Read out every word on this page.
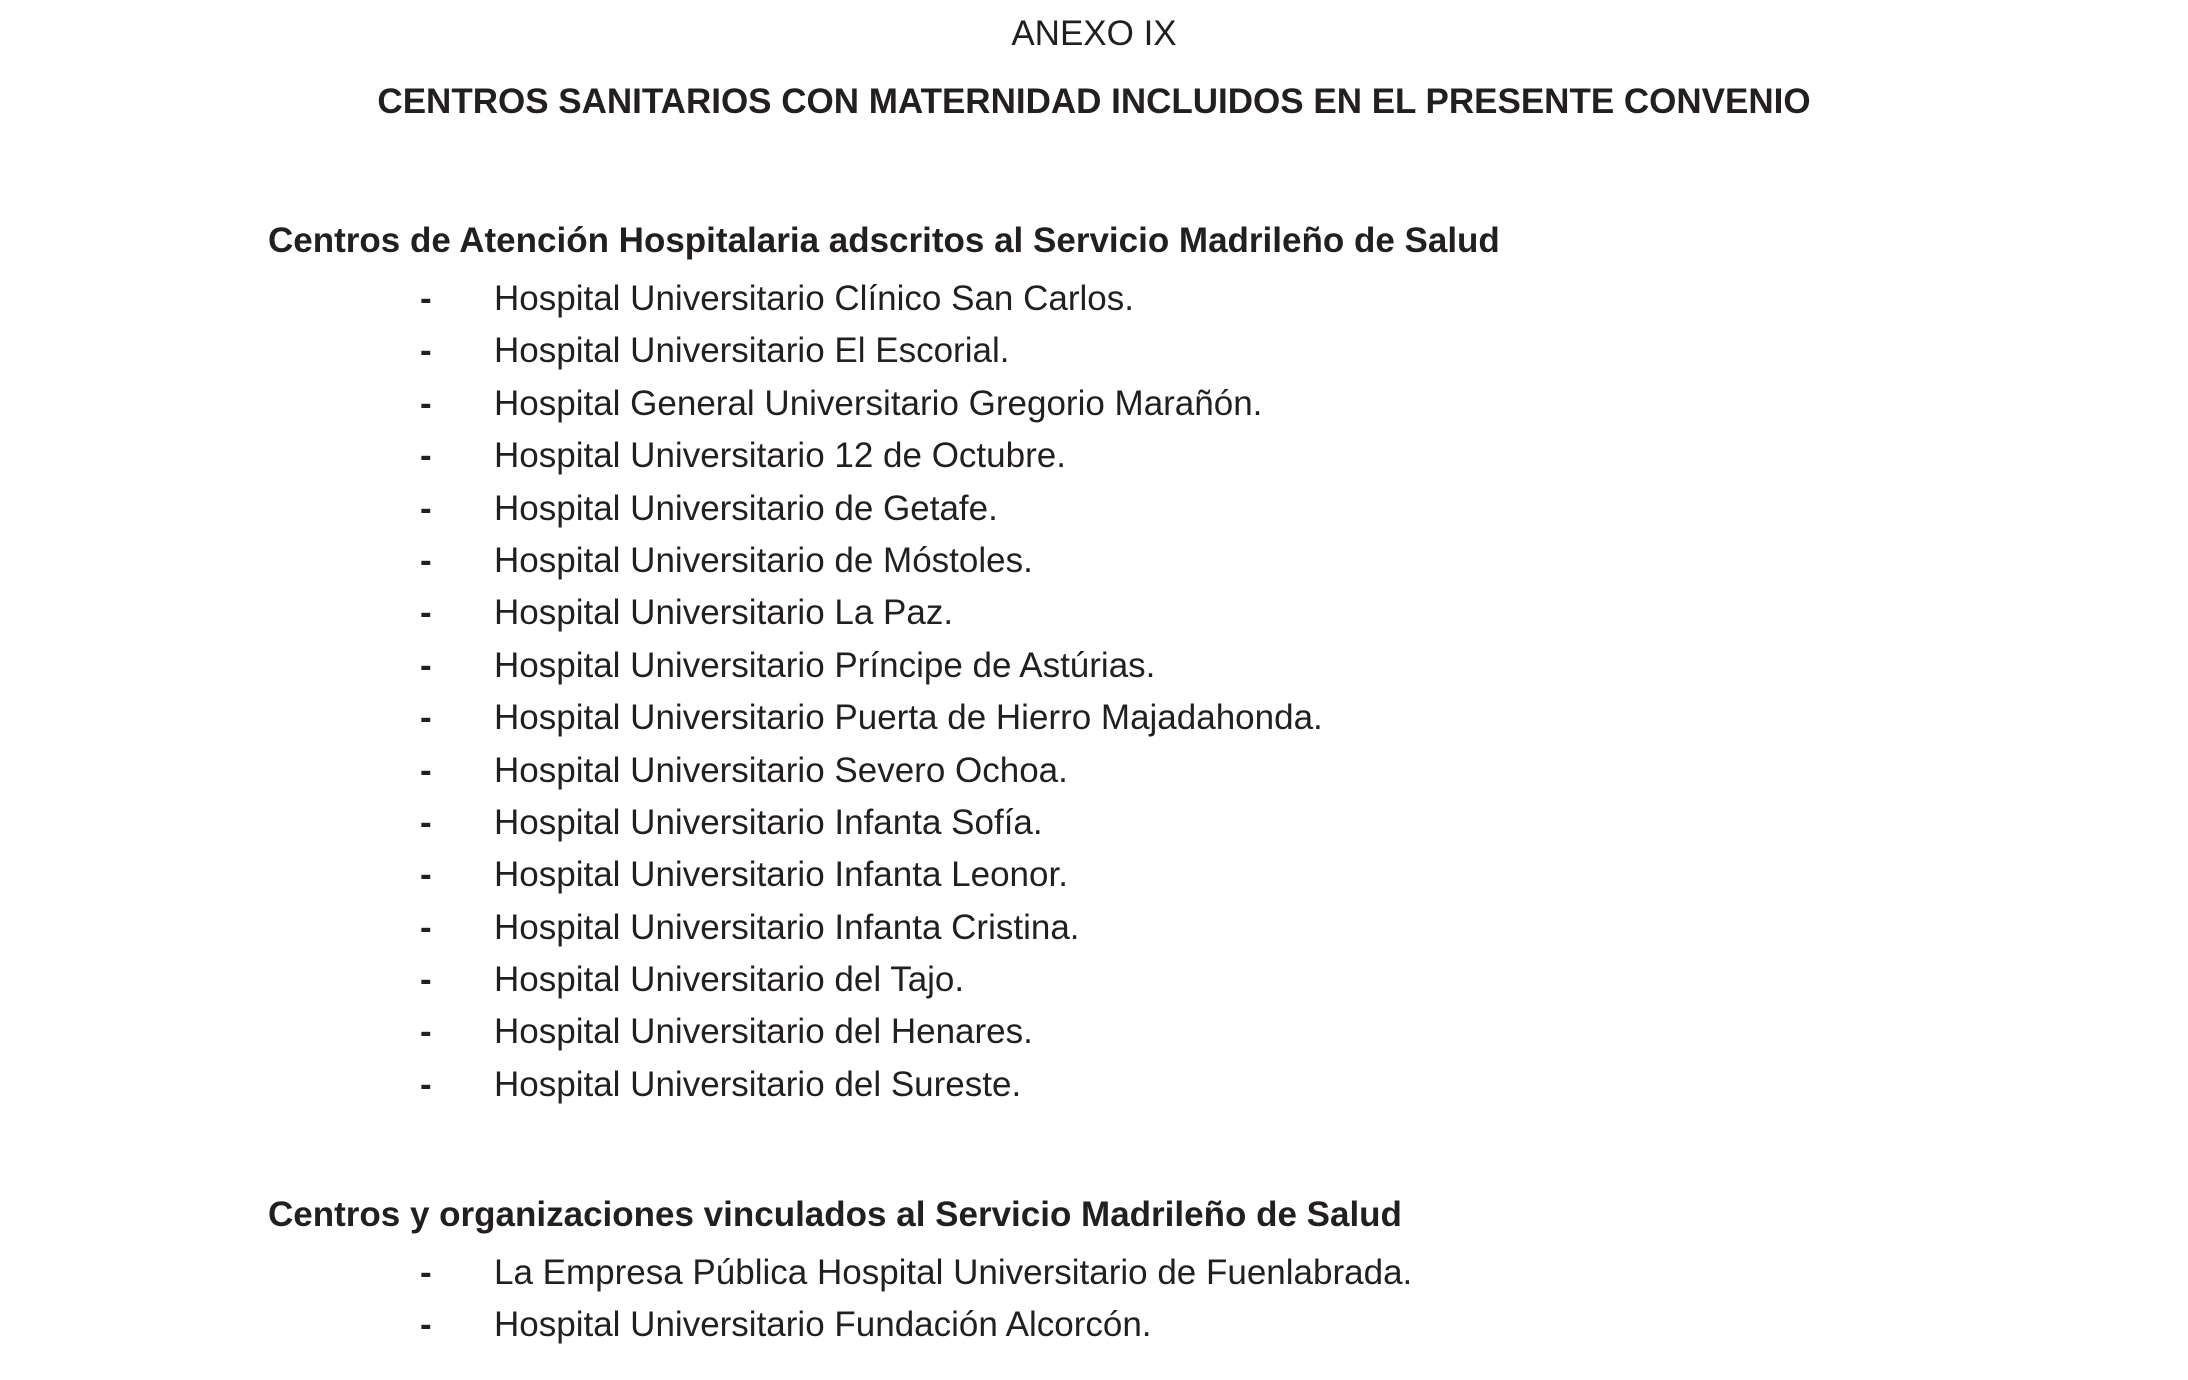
ANEXO IX
CENTROS SANITARIOS CON MATERNIDAD INCLUIDOS EN EL PRESENTE CONVENIO
Centros de Atención Hospitalaria adscritos al Servicio Madrileño de Salud
- Hospital Universitario Clínico San Carlos.
- Hospital Universitario El Escorial.
- Hospital General Universitario Gregorio Marañón.
- Hospital Universitario 12 de Octubre.
- Hospital Universitario de Getafe.
- Hospital Universitario de Móstoles.
- Hospital Universitario La Paz.
- Hospital Universitario Príncipe de Astúrias.
- Hospital Universitario Puerta de Hierro Majadahonda.
- Hospital Universitario Severo Ochoa.
- Hospital Universitario Infanta Sofía.
- Hospital Universitario Infanta Leonor.
- Hospital Universitario Infanta Cristina.
- Hospital Universitario del Tajo.
- Hospital Universitario del Henares.
- Hospital Universitario del Sureste.
Centros y organizaciones vinculados al Servicio Madrileño de Salud
- La Empresa Pública Hospital Universitario de Fuenlabrada.
- Hospital Universitario Fundación Alcorcón.
